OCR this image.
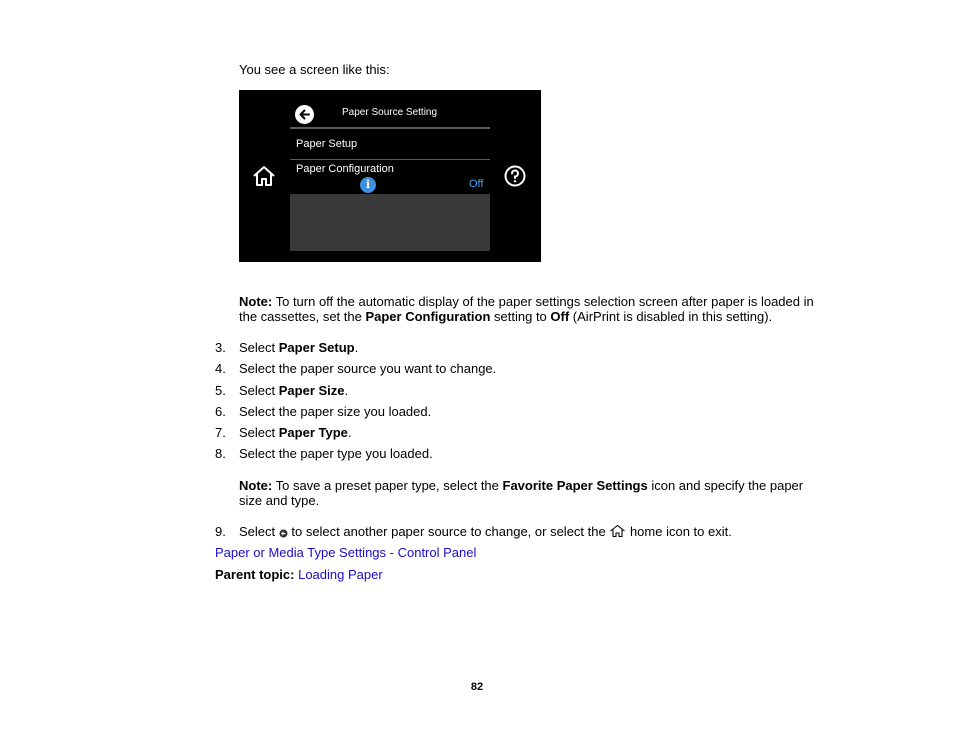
You see a screen like this:
Paper Source Setting
Paper Setup
Paper Configuration
i	Off
Note: To turn off the automatic display of the paper settings selection screen after paper is loaded in the cassettes, set the Paper Configuration setting to Off (AirPrint is disabled in this setting).
3. Select Paper Setup.
4. Select the paper source you want to change.
5. Select Paper Size.
6. Select the paper size you loaded.
7. Select Paper Type.
8. Select the paper type you loaded.
Note: To save a preset paper type, select the Favorite Paper Settings icon and specify the paper size and type.
9. Select  to select another paper source to change, or select the  home icon to exit.
Paper or Media Type Settings - Control Panel
Parent topic: Loading Paper
82
